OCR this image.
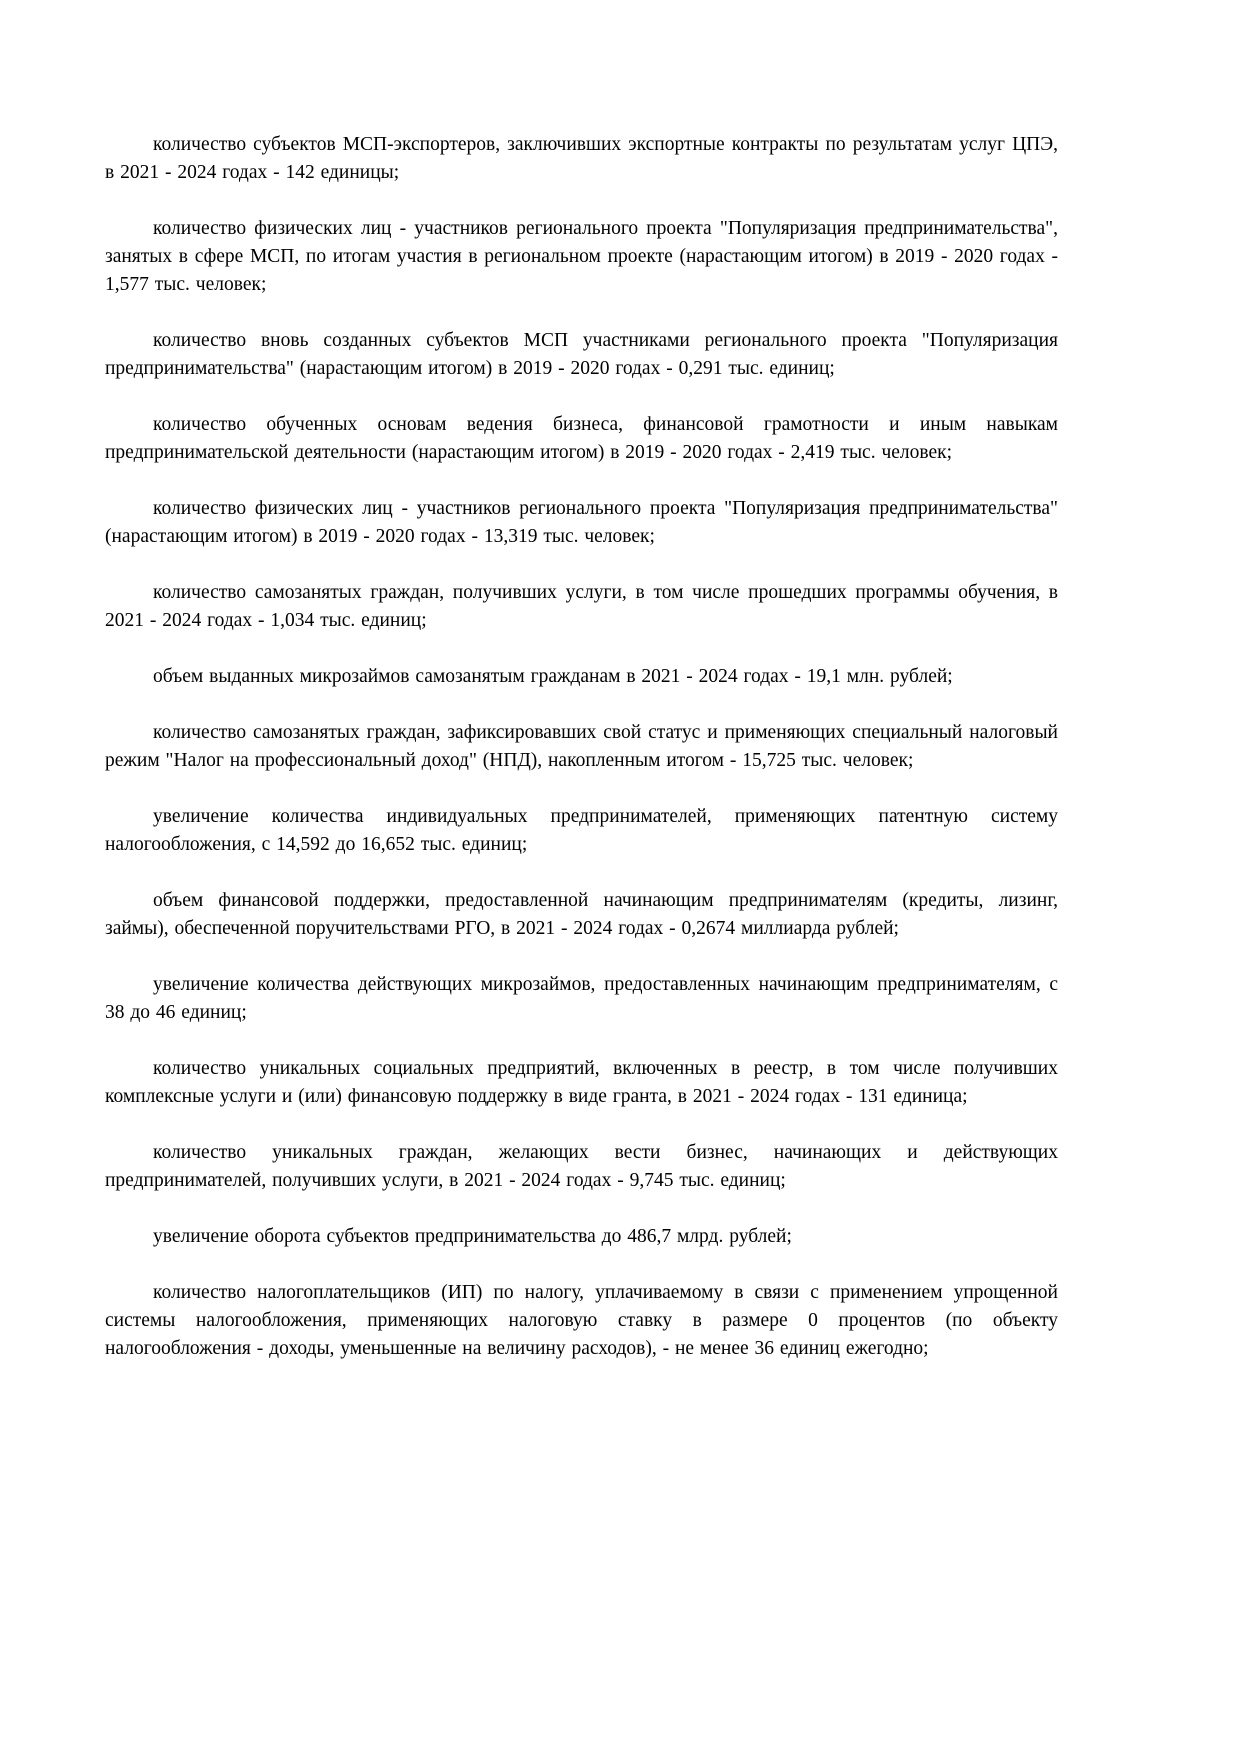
количество субъектов МСП-экспортеров, заключивших экспортные контракты по результатам услуг ЦПЭ, в 2021 - 2024 годах - 142 единицы;

количество физических лиц - участников регионального проекта "Популяризация предпринимательства", занятых в сфере МСП, по итогам участия в региональном проекте (нарастающим итогом) в 2019 - 2020 годах - 1,577 тыс. человек;

количество вновь созданных субъектов МСП участниками регионального проекта "Популяризация предпринимательства" (нарастающим итогом) в 2019 - 2020 годах - 0,291 тыс. единиц;

количество обученных основам ведения бизнеса, финансовой грамотности и иным навыкам предпринимательской деятельности (нарастающим итогом) в 2019 - 2020 годах - 2,419 тыс. человек;

количество физических лиц - участников регионального проекта "Популяризация предпринимательства" (нарастающим итогом) в 2019 - 2020 годах - 13,319 тыс. человек;

количество самозанятых граждан, получивших услуги, в том числе прошедших программы обучения, в 2021 - 2024 годах - 1,034 тыс. единиц;

объем выданных микрозаймов самозанятым гражданам в 2021 - 2024 годах - 19,1 млн. рублей;

количество самозанятых граждан, зафиксировавших свой статус и применяющих специальный налоговый режим "Налог на профессиональный доход" (НПД), накопленным итогом - 15,725 тыс. человек;

увеличение количества индивидуальных предпринимателей, применяющих патентную систему налогообложения, с 14,592 до 16,652 тыс. единиц;

объем финансовой поддержки, предоставленной начинающим предпринимателям (кредиты, лизинг, займы), обеспеченной поручительствами РГО, в 2021 - 2024 годах - 0,2674 миллиарда рублей;

увеличение количества действующих микрозаймов, предоставленных начинающим предпринимателям, с 38 до 46 единиц;

количество уникальных социальных предприятий, включенных в реестр, в том числе получивших комплексные услуги и (или) финансовую поддержку в виде гранта, в 2021 - 2024 годах - 131 единица;

количество уникальных граждан, желающих вести бизнес, начинающих и действующих предпринимателей, получивших услуги, в 2021 - 2024 годах - 9,745 тыс. единиц;

увеличение оборота субъектов предпринимательства до 486,7 млрд. рублей;

количество налогоплательщиков (ИП) по налогу, уплачиваемому в связи с применением упрощенной системы налогообложения, применяющих налоговую ставку в размере 0 процентов (по объекту налогообложения - доходы, уменьшенные на величину расходов), - не менее 36 единиц ежегодно;
